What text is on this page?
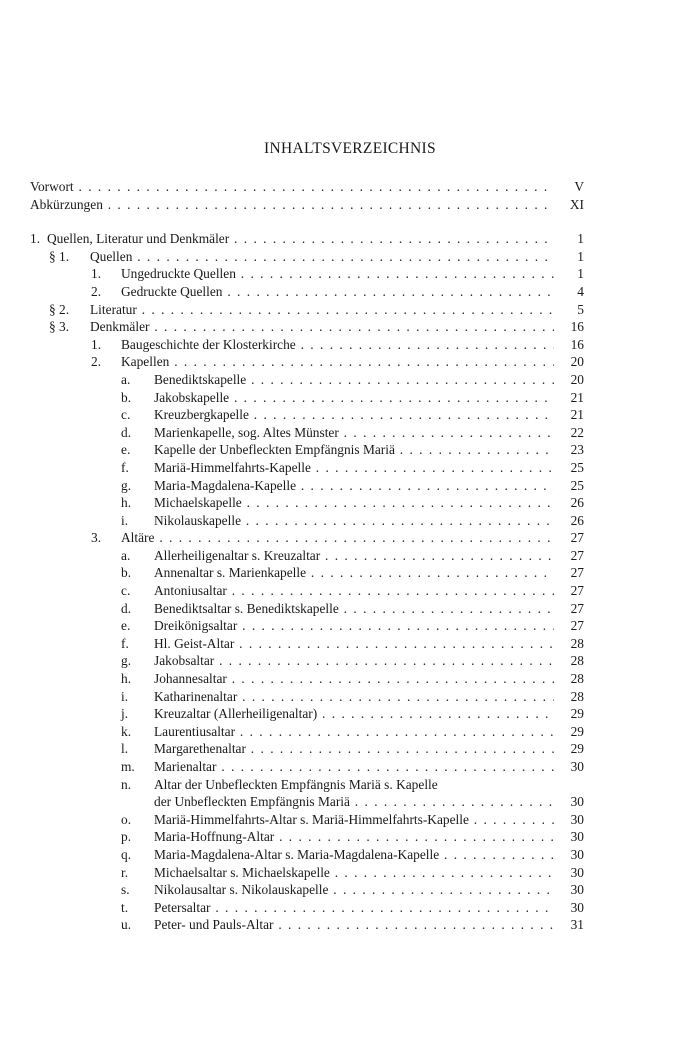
INHALTSVERZEICHNIS
Vorwort . . .	V
Abkürzungen . . .	XI
1. Quellen, Literatur und Denkmäler . . .	1
§ 1.	Quellen . . .	1
1.	Ungedruckte Quellen . . .	1
2.	Gedruckte Quellen . . .	4
§ 2.	Literatur . . .	5
§ 3.	Denkmäler . . .	16
1.	Baugeschichte der Klosterkirche . . .	16
2.	Kapellen . . .	20
a.	Benediktskapelle . . .	20
b.	Jakobskapelle . . .	21
c.	Kreuzbergkapelle . . .	21
d.	Marienkapelle, sog. Altes Münster . . .	22
e.	Kapelle der Unbefleckten Empfängnis Mariä . . .	23
f.	Mariä-Himmelfahrts-Kapelle . . .	25
g.	Maria-Magdalena-Kapelle . . .	25
h.	Michaelskapelle . . .	26
i.	Nikolauskapelle . . .	26
3.	Altäre . . .	27
a.	Allerheiligenaltar s. Kreuzaltar . . .	27
b.	Annenaltar s. Marienkapelle . . .	27
c.	Antoniusaltar . . .	27
d.	Benediktsaltar s. Benediktskapelle . . .	27
e.	Dreikönigsaltar . . .	27
f.	Hl. Geist-Altar . . .	28
g.	Jakobsaltar . . .	28
h.	Johannesaltar . . .	28
i.	Katharinenaltar . . .	28
j.	Kreuzaltar (Allerheiligenaltar) . . .	29
k.	Laurentiusaltar . . .	29
l.	Margarethenaltar . . .	29
m.	Marienaltar . . .	30
n.	Altar der Unbefleckten Empfängnis Mariä s. Kapelle
der Unbefleckten Empfängnis Mariä . . .	30
o.	Mariä-Himmelfahrts-Altar s. Mariä-Himmelfahrts-Kapelle . . .	30
p.	Maria-Hoffnung-Altar . . .	30
q.	Maria-Magdalena-Altar s. Maria-Magdalena-Kapelle . . .	30
r.	Michaelsaltar s. Michaelskapelle . . .	30
s.	Nikolausaltar s. Nikolauskapelle . . .	30
t.	Petersaltar . . .	30
u.	Peter- und Pauls-Altar . . .	31
